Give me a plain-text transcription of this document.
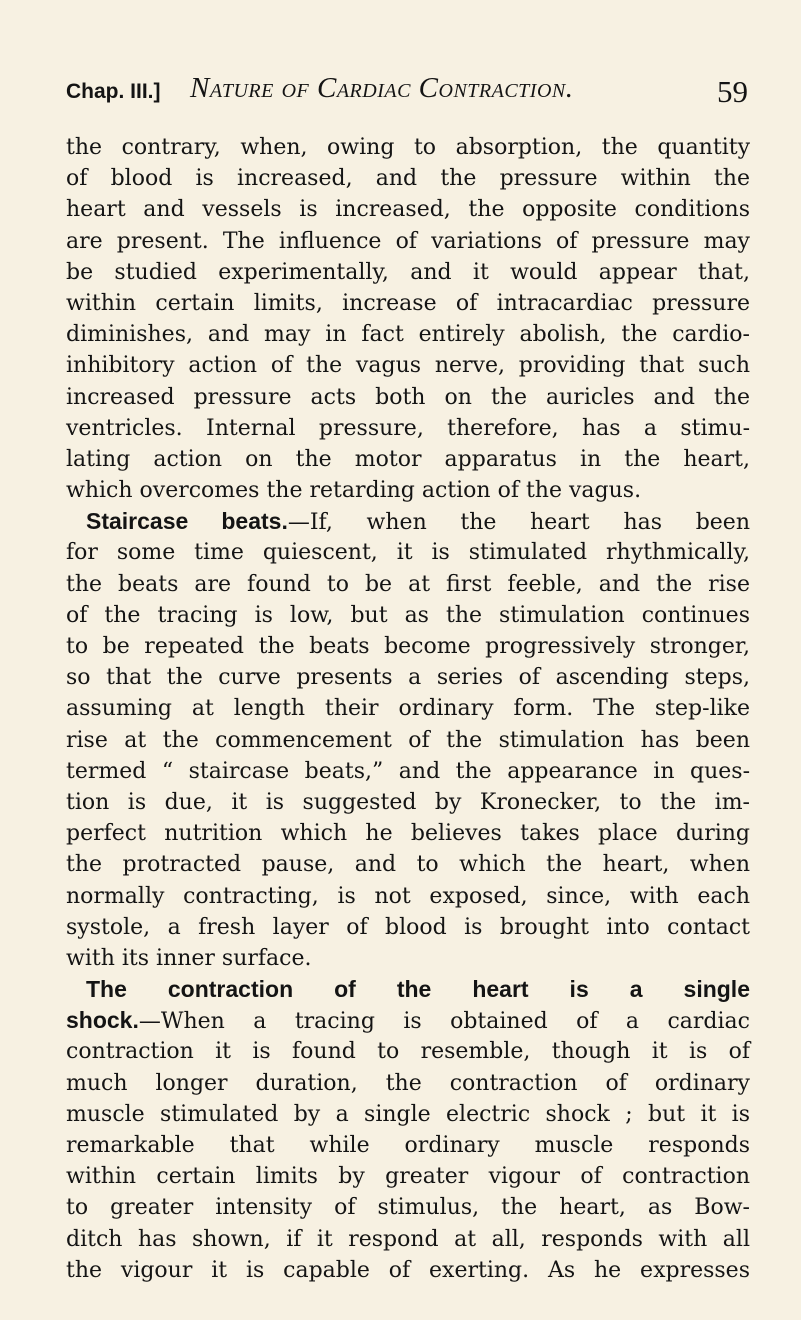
Chap. III.] Nature of Cardiac Contraction.	59
the contrary, when, owing to absorption, the quantity
of blood is increased, and the pressure within the
heart and vessels is increased, the opposite conditions
are present. The influence of variations of pressure may
be studied experimentally, and it would appear that,
within certain limits, increase of intracardiac pressure
diminishes, and may in fact entirely abolish, the cardio-
inhibitory action of the vagus nerve, providing that such
increased pressure acts both on the auricles and the
ventricles. Internal pressure, therefore, has a stimu-
lating action on the motor apparatus in the heart,
which overcomes the retarding action of the vagus.
Staircase beats.—If, when the heart has been
for some time quiescent, it is stimulated rhythmically,
the beats are found to be at first feeble, and the rise
of the tracing is low, but as the stimulation continues
to be repeated the beats become progressively stronger,
so that the curve presents a series of ascending steps,
assuming at length their ordinary form. The step-like
rise at the commencement of the stimulation has been
termed “ staircase beats,” and the appearance in ques-
tion is due, it is suggested by Kronecker, to the im-
perfect nutrition which he believes takes place during
the protracted pause, and to which the heart, when
normally contracting, is not exposed, since, with each
systole, a fresh layer of blood is brought into contact
with its inner surface.
The contraction of the heart is a single
shock.—When a tracing is obtained of a cardiac
contraction it is found to resemble, though it is of
much longer duration, the contraction of ordinary
muscle stimulated by a single electric shock ; but it is
remarkable that while ordinary muscle responds
within certain limits by greater vigour of contraction
to greater intensity of stimulus, the heart, as Bow-
ditch has shown, if it respond at all, responds with all
the vigour it is capable of exerting. As he expresses
